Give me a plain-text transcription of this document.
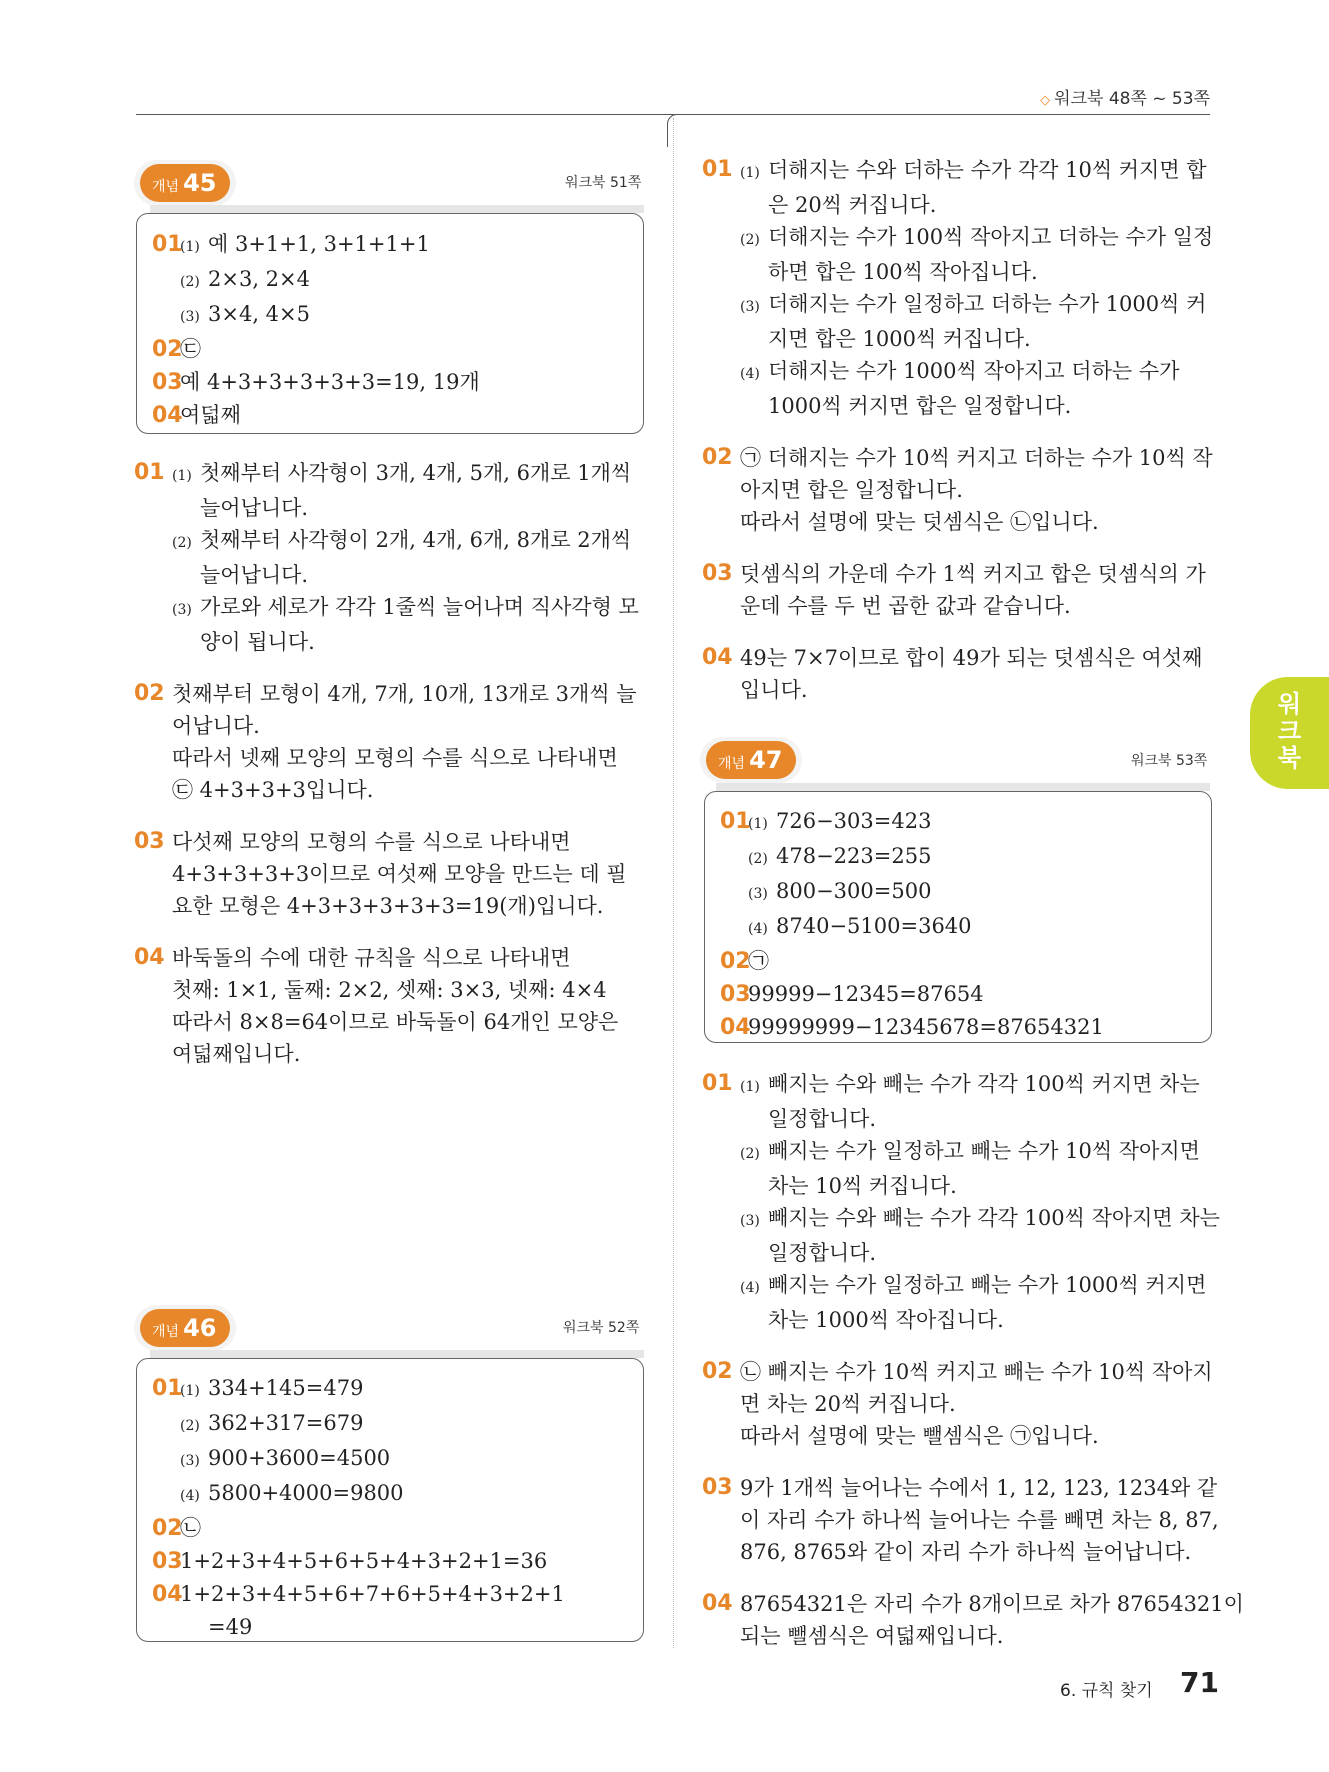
◇ 워크북 48쪽 ~ 53쪽
개념 45	워크북 51쪽
01(1) 예 3+1+1, 3+1+1+1
(2) 2×3, 2×4
(3) 3×4, 4×5
02㉢
03예 4+3+3+3+3+3=19, 19개
04여덟째
01 (1) 첫째부터 사각형이 3개, 4개, 5개, 6개로 1개씩
늘어납니다.
(2) 첫째부터 사각형이 2개, 4개, 6개, 8개로 2개씩
늘어납니다.
(3) 가로와 세로가 각각 1줄씩 늘어나며 직사각형 모
양이 됩니다.
02 첫째부터 모형이 4개, 7개, 10개, 13개로 3개씩 늘
어납니다.
따라서 넷째 모양의 모형의 수를 식으로 나타내면
㉢ 4+3+3+3입니다.
03 다섯째 모양의 모형의 수를 식으로 나타내면
4+3+3+3+3이므로 여섯째 모양을 만드는 데 필
요한 모형은 4+3+3+3+3+3=19(개)입니다.
04 바둑돌의 수에 대한 규칙을 식으로 나타내면
첫째: 1×1, 둘째: 2×2, 셋째: 3×3, 넷째: 4×4
따라서 8×8=64이므로 바둑돌이 64개인 모양은
여덟째입니다.
개념 46	워크북 52쪽
01(1) 334+145=479
(2) 362+317=679
(3) 900+3600=4500
(4) 5800+4000=9800
02㉡
031+2+3+4+5+6+5+4+3+2+1=36
041+2+3+4+5+6+7+6+5+4+3+2+1
=49
01 (1) 더해지는 수와 더하는 수가 각각 10씩 커지면 합
은 20씩 커집니다.
(2) 더해지는 수가 100씩 작아지고 더하는 수가 일정
하면 합은 100씩 작아집니다.
(3) 더해지는 수가 일정하고 더하는 수가 1000씩 커
지면 합은 1000씩 커집니다.
(4) 더해지는 수가 1000씩 작아지고 더하는 수가
1000씩 커지면 합은 일정합니다.
02 ㉠ 더해지는 수가 10씩 커지고 더하는 수가 10씩 작
아지면 합은 일정합니다.
따라서 설명에 맞는 덧셈식은 ㉡입니다.
03 덧셈식의 가운데 수가 1씩 커지고 합은 덧셈식의 가
운데 수를 두 번 곱한 값과 같습니다.
04 49는 7×7이므로 합이 49가 되는 덧셈식은 여섯째
입니다.
개념 47	워크북 53쪽
01(1) 726−303=423
(2) 478−223=255
(3) 800−300=500
(4) 8740−5100=3640
02㉠
0399999−12345=87654
0499999999−12345678=87654321
01 (1) 빼지는 수와 빼는 수가 각각 100씩 커지면 차는
일정합니다.
(2) 빼지는 수가 일정하고 빼는 수가 10씩 작아지면
차는 10씩 커집니다.
(3) 빼지는 수와 빼는 수가 각각 100씩 작아지면 차는
일정합니다.
(4) 빼지는 수가 일정하고 빼는 수가 1000씩 커지면
차는 1000씩 작아집니다.
02 ㉡ 빼지는 수가 10씩 커지고 빼는 수가 10씩 작아지
면 차는 20씩 커집니다.
따라서 설명에 맞는 뺄셈식은 ㉠입니다.
03 9가 1개씩 늘어나는 수에서 1, 12, 123, 1234와 같
이 자리 수가 하나씩 늘어나는 수를 빼면 차는 8, 87,
876, 8765와 같이 자리 수가 하나씩 늘어납니다.
04 87654321은 자리 수가 8개이므로 차가 87654321이
되는 뺄셈식은 여덟째입니다.
워
크
북
6. 규칙 찾기 71
